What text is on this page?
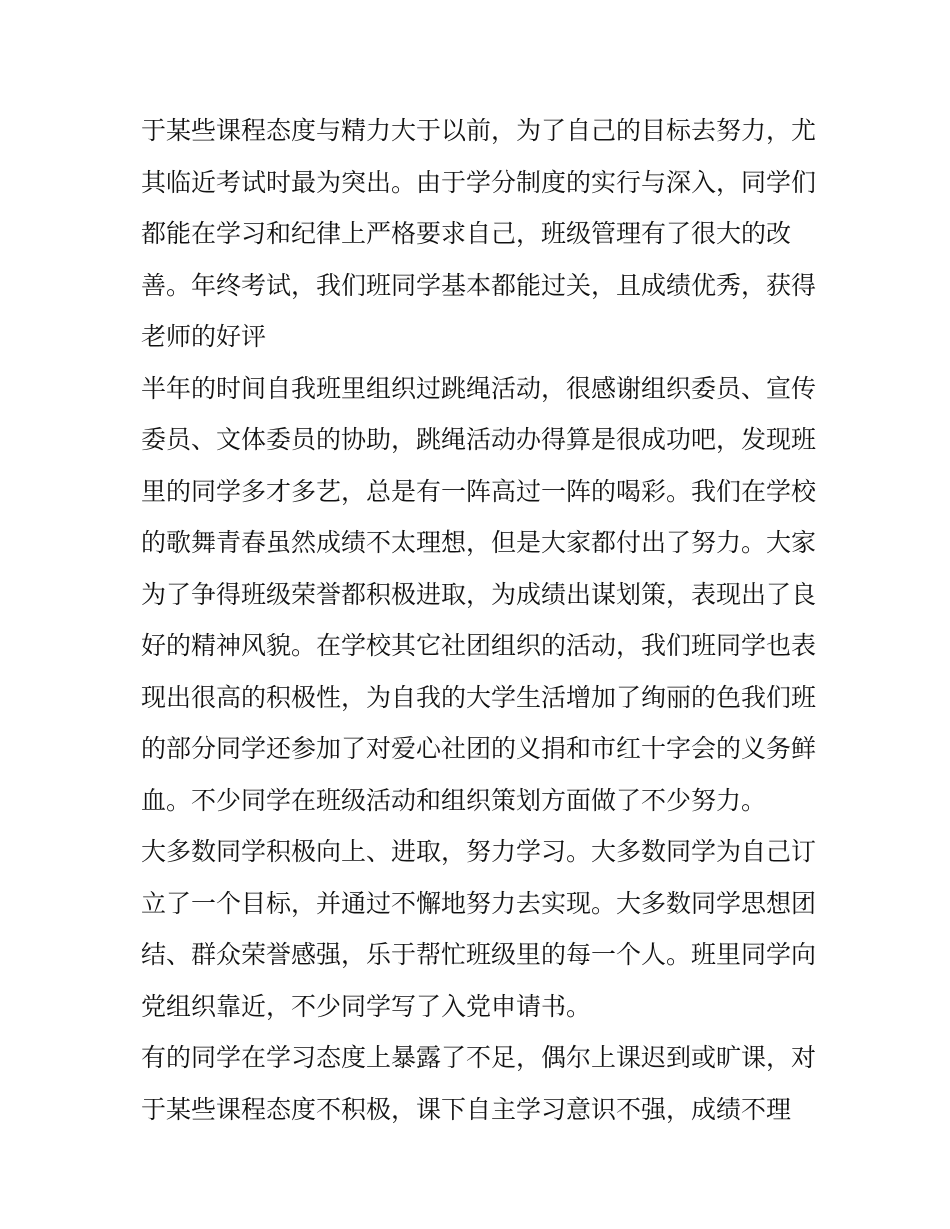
于某些课程态度与精力大于以前，为了自己的目标去努力，尤
其临近考试时最为突出。由于学分制度的实行与深入，同学们
都能在学习和纪律上严格要求自己，班级管理有了很大的改
善。年终考试，我们班同学基本都能过关，且成绩优秀，获得
老师的好评
半年的时间自我班里组织过跳绳活动，很感谢组织委员、宣传
委员、文体委员的协助，跳绳活动办得算是很成功吧，发现班
里的同学多才多艺，总是有一阵高过一阵的喝彩。我们在学校
的歌舞青春虽然成绩不太理想，但是大家都付出了努力。大家
为了争得班级荣誉都积极进取，为成绩出谋划策，表现出了良
好的精神风貌。在学校其它社团组织的活动，我们班同学也表
现出很高的积极性，为自我的大学生活增加了绚丽的色我们班
的部分同学还参加了对爱心社团的义捐和市红十字会的义务鲜
血。不少同学在班级活动和组织策划方面做了不少努力。
大多数同学积极向上、进取，努力学习。大多数同学为自己订
立了一个目标，并通过不懈地努力去实现。大多数同学思想团
结、群众荣誉感强，乐于帮忙班级里的每一个人。班里同学向
党组织靠近，不少同学写了入党申请书。
有的同学在学习态度上暴露了不足，偶尔上课迟到或旷课，对
于某些课程态度不积极，课下自主学习意识不强，成绩不理
